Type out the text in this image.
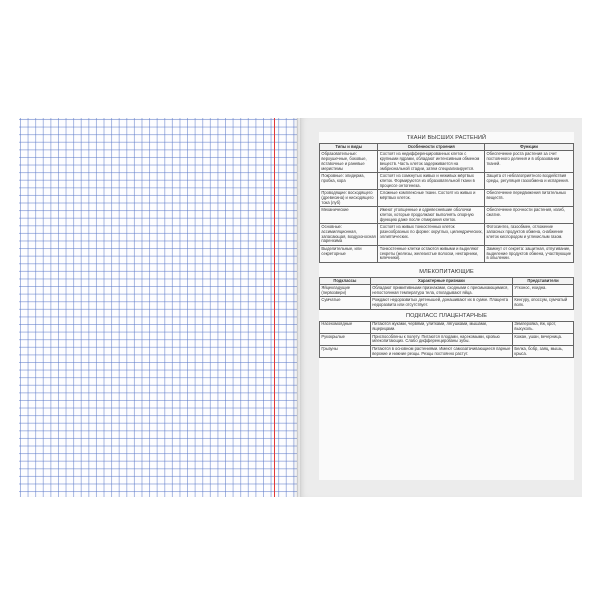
ТКАНИ ВЫСШИХ РАСТЕНИЙ
Типы и виды	Особенности строения	Функции
Образовательные: верхушечные, боковые, вставочные и раневые меристемы	Состоят из недифференцированных клеток с крупными ядрами, обладают интенсивным обменом веществ. Часть клеток задерживается на эмбриональной стадии, затем специализируется.	Обеспечение роста растения за счет постоянного деления и в образовании тканей.
Покровные: эпидерма, пробка, кора	Состоят из сомкнутых живых и неживых мёртвых клеток. Формируются из образовательной ткани в процессе онтогенеза.	Защита от неблагоприятного воздействия среды, регуляция газообмена и испарения.
Проводящие: восходящего (древесина) и нисходящего тока (луб)	Сложные комплексные ткани. Состоят из живых и мёртвых клеток.	Обеспечение передвижения питательных веществ.
Механические	Имеют утолщенные и одревесневшие оболочки клеток, которые продолжают выполнять опорную функцию даже после отмирания клеток.	Обеспечение прочности растения, изгиб, сжатие.
Основные: ассимиляционная, запасающая, воздухоносная паренхима	Состоят из живых тонкостенных клеток разнообразных по форме: округлых, цилиндрических, эллиптических.	Фотосинтез, газообмен, отложение запасных продуктов обмена, снабжение клеток кислородом и углекислым газом.
Выделительные, или секреторные	Тонкостенные клетки остаются живыми и выделяют секреты (железы, железистые волоски, нектарники, млечники).	Замкнут от секрета: защитная, отпугивание, выделение продуктов обмена, участвующие в опылении.
МЛЕКОПИТАЮЩИЕ
Подклассы	Характерные признаки	Представители
Яйцекладущие (первозвери)	Обладают примитивными признаками, сходными с пресмыкающимися, непостоянная температура тела, откладывают яйца.	Утконос, ехидна.
Сумчатые	Рождают недоразвитых детенышей, донашивают их в сумке. Плацента недоразвита или отсутствует.	Кенгуру, опоссум, сумчатый волк.
ПОДКЛАСС ПЛАЦЕНТАРНЫЕ
Насекомоядные	Питаются жуками, червями, улитками, лягушками, мышами, ящерицами.	Землеройка, ёж, крот, выхухоль.
Рукокрылые	Приспособлены к полету. Питаются плодами, насекомыми, кровью млекопитающих. Слабо дифференцированы зубы.	Кожан, ушан, вечерница.
Грызуны	Питаются в основном растениями. Имеют самозатачивающиеся парные верхние и нижние резцы. Резцы постоянно растут.	Белка, бобр, заяц, мышь, крыса.
